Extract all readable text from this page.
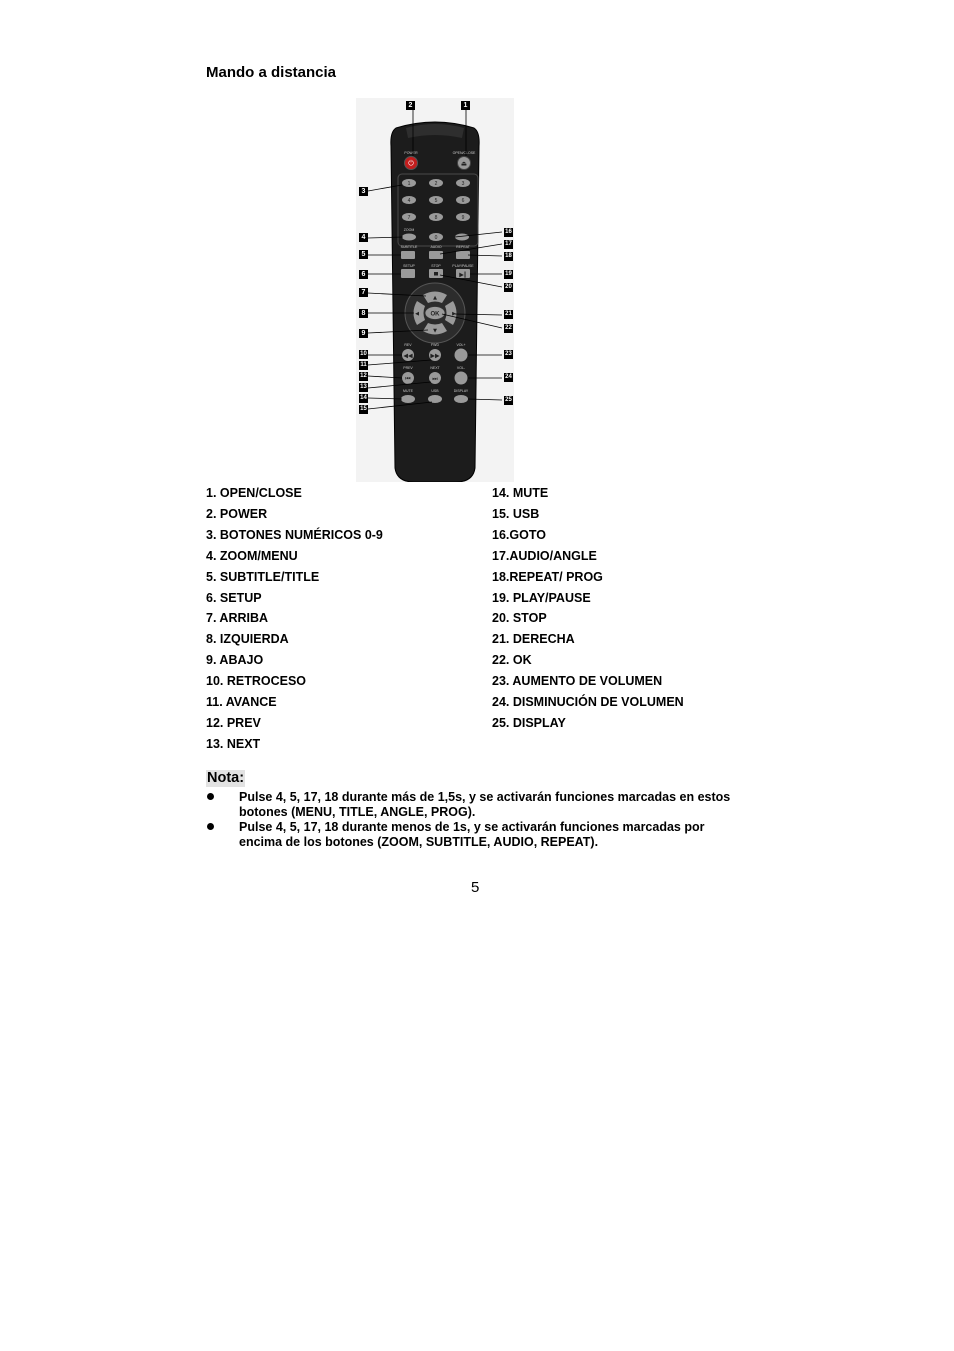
Mando a distancia
POWER
⏻
OPEN/CLOSE
⏏
1	2	3
4	5	6
7	8	9
0
ZOOM
SUBTITLE	AUDIO	REPEAT
SETUP	STOP	PLAY/PAUSE
▶‖
▲
▼
◀	▶
OK
REV
◀◀
FWD
▶▶
VOL+
PREV
⏮
NEXT
⏭
VOL-
MUTE	USB	DISPLAY
2
3
4
5
6
7
8
9
10
11
12
13
14
15
1
16
17
18
19
20
21
22
23
24
25
1. OPEN/CLOSE
2. POWER
3. BOTONES NUMÉRICOS 0-9
4. ZOOM/MENU
5. SUBTITLE/TITLE
6. SETUP
7. ARRIBA
8. IZQUIERDA
9. ABAJO
10. RETROCESO
11. AVANCE
12. PREV
13. NEXT
14. MUTE
15. USB
16.GOTO
17.AUDIO/ANGLE
18.REPEAT/ PROG
19. PLAY/PAUSE
20. STOP
21. DERECHA
22. OK
23. AUMENTO DE VOLUMEN
24. DISMINUCIÓN DE VOLUMEN
25. DISPLAY
Nota:
Pulse 4, 5, 17, 18 durante más de 1,5s, y se activarán funciones marcadas en estos
botones (MENU, TITLE, ANGLE, PROG).
Pulse 4, 5, 17, 18 durante menos de 1s, y se activarán funciones marcadas por
encima de los botones (ZOOM, SUBTITLE, AUDIO, REPEAT).
5
